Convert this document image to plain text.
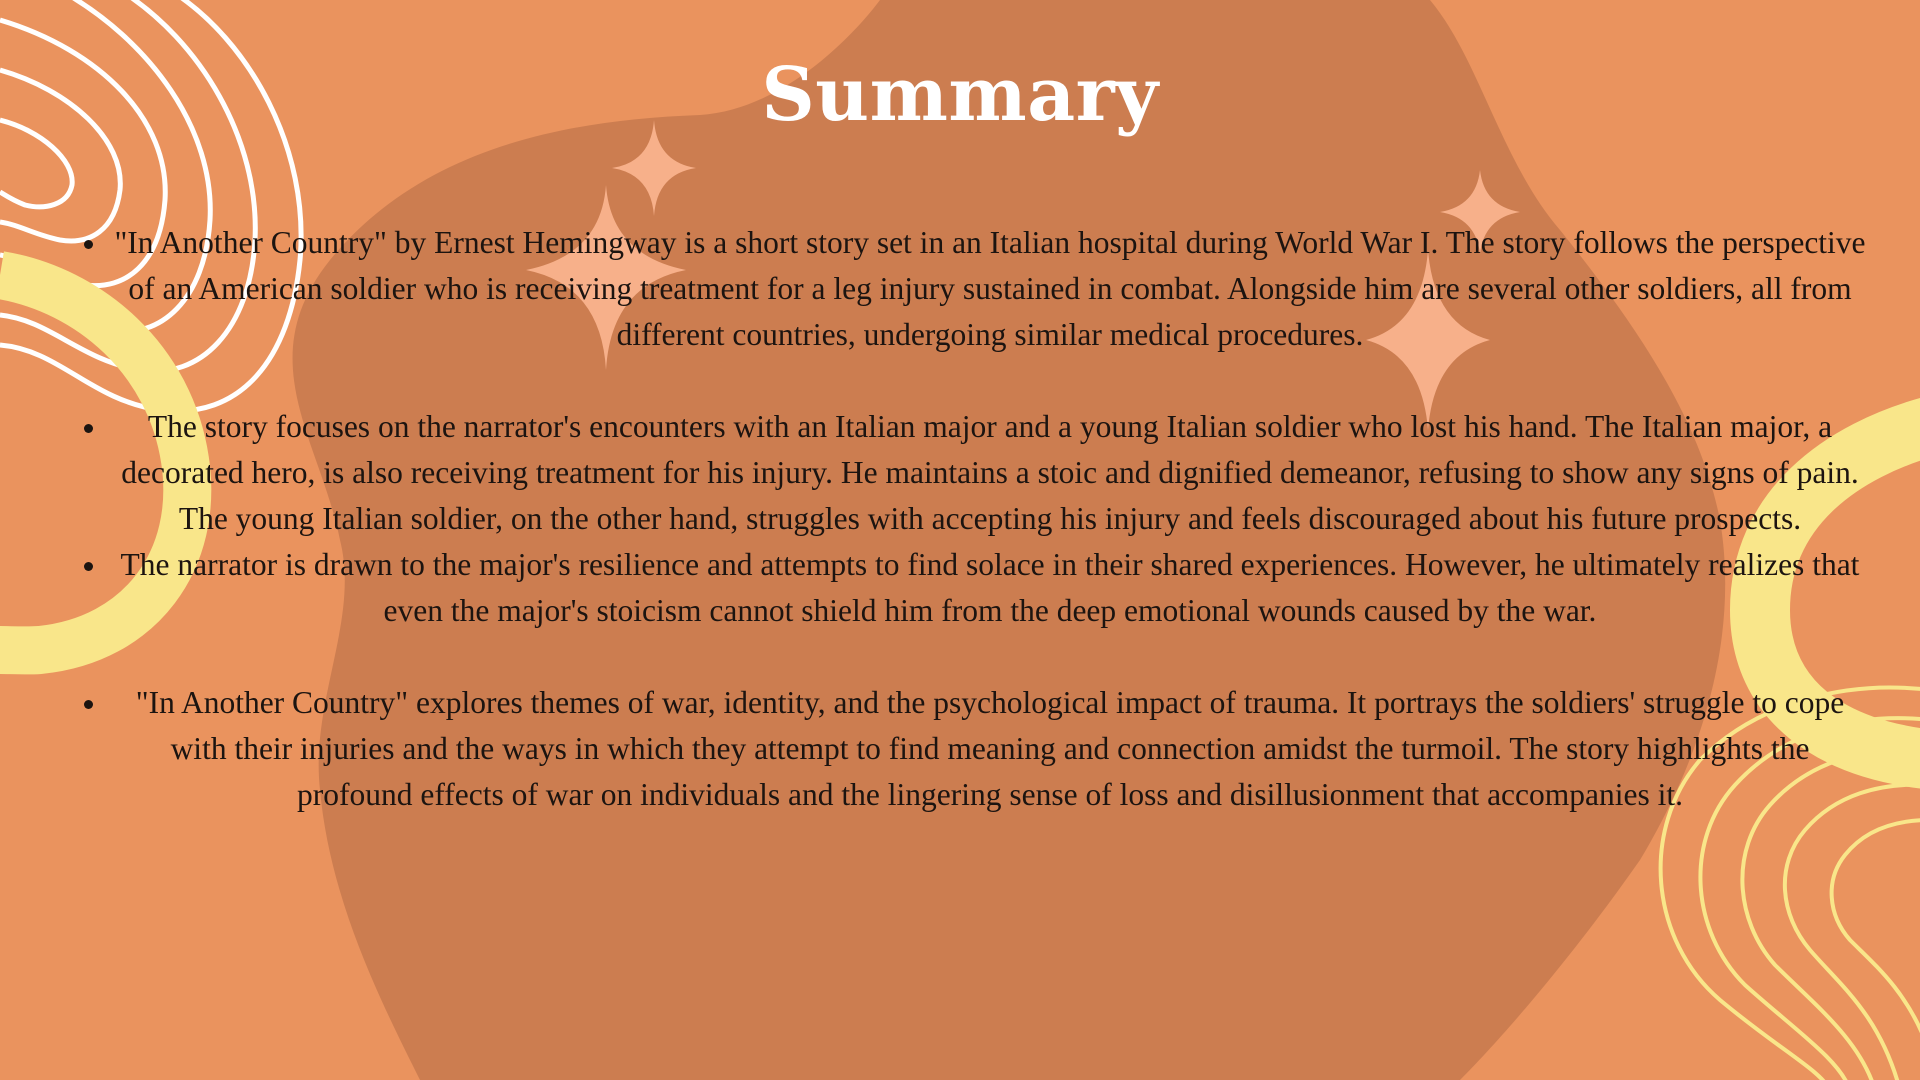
Summary
"In Another Country" by Ernest Hemingway is a short story set in an Italian hospital during World War I. The story follows the perspective of an American soldier who is receiving treatment for a leg injury sustained in combat. Alongside him are several other soldiers, all from different countries, undergoing similar medical procedures.
The story focuses on the narrator's encounters with an Italian major and a young Italian soldier who lost his hand. The Italian major, a decorated hero, is also receiving treatment for his injury. He maintains a stoic and dignified demeanor, refusing to show any signs of pain. The young Italian soldier, on the other hand, struggles with accepting his injury and feels discouraged about his future prospects.
The narrator is drawn to the major's resilience and attempts to find solace in their shared experiences. However, he ultimately realizes that even the major's stoicism cannot shield him from the deep emotional wounds caused by the war.
"In Another Country" explores themes of war, identity, and the psychological impact of trauma. It portrays the soldiers' struggle to cope with their injuries and the ways in which they attempt to find meaning and connection amidst the turmoil. The story highlights the profound effects of war on individuals and the lingering sense of loss and disillusionment that accompanies it.
